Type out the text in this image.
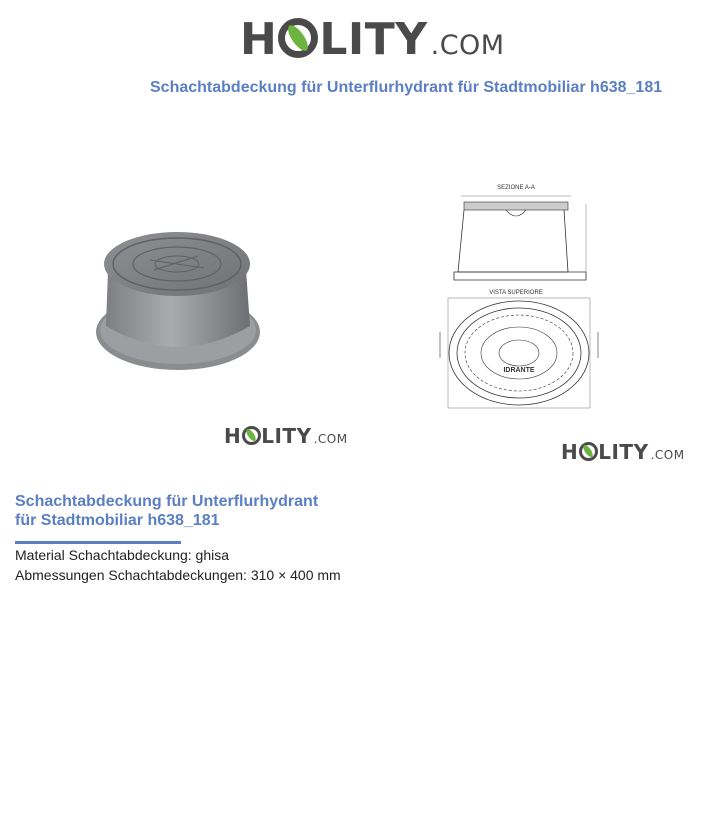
H LITY .COM
Schachtabdeckung für Unterflurhydrant für Stadtmobiliar h638_181
SEZIONE A-A
VISTA SUPERIORE
IDRANTE
H LITY .COM
H LITY .COM
Schachtabdeckung für Unterflurhydrant
für Stadtmobiliar h638_181
Material Schachtabdeckung: ghisa
Abmessungen Schachtabdeckungen: 310 × 400 mm
